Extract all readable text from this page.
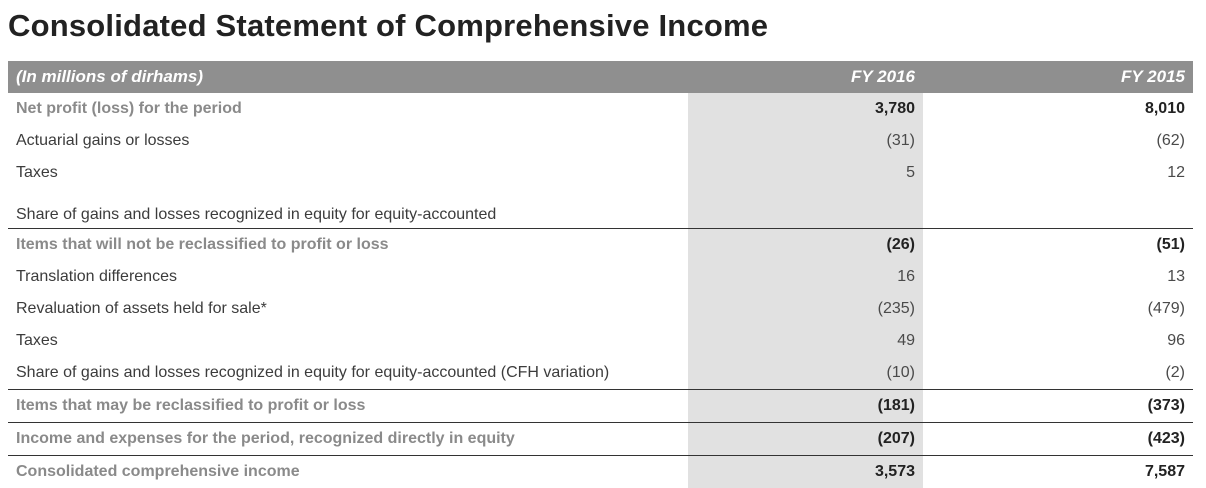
Consolidated Statement of Comprehensive Income
(In millions of dirhams)	FY 2016	FY 2015
Net profit (loss) for the period	3,780	8,010
Actuarial gains or losses	(31)	(62)
Taxes	5	12
Share of gains and losses recognized in equity for equity-accounted		
Items that will not be reclassified to profit or loss	(26)	(51)
Translation differences	16	13
Revaluation of assets held for sale*	(235)	(479)
Taxes	49	96
Share of gains and losses recognized in equity for equity-accounted (CFH variation)	(10)	(2)
Items that may be reclassified to profit or loss	(181)	(373)
Income and expenses for the period, recognized directly in equity	(207)	(423)
Consolidated comprehensive income	3,573	7,587
